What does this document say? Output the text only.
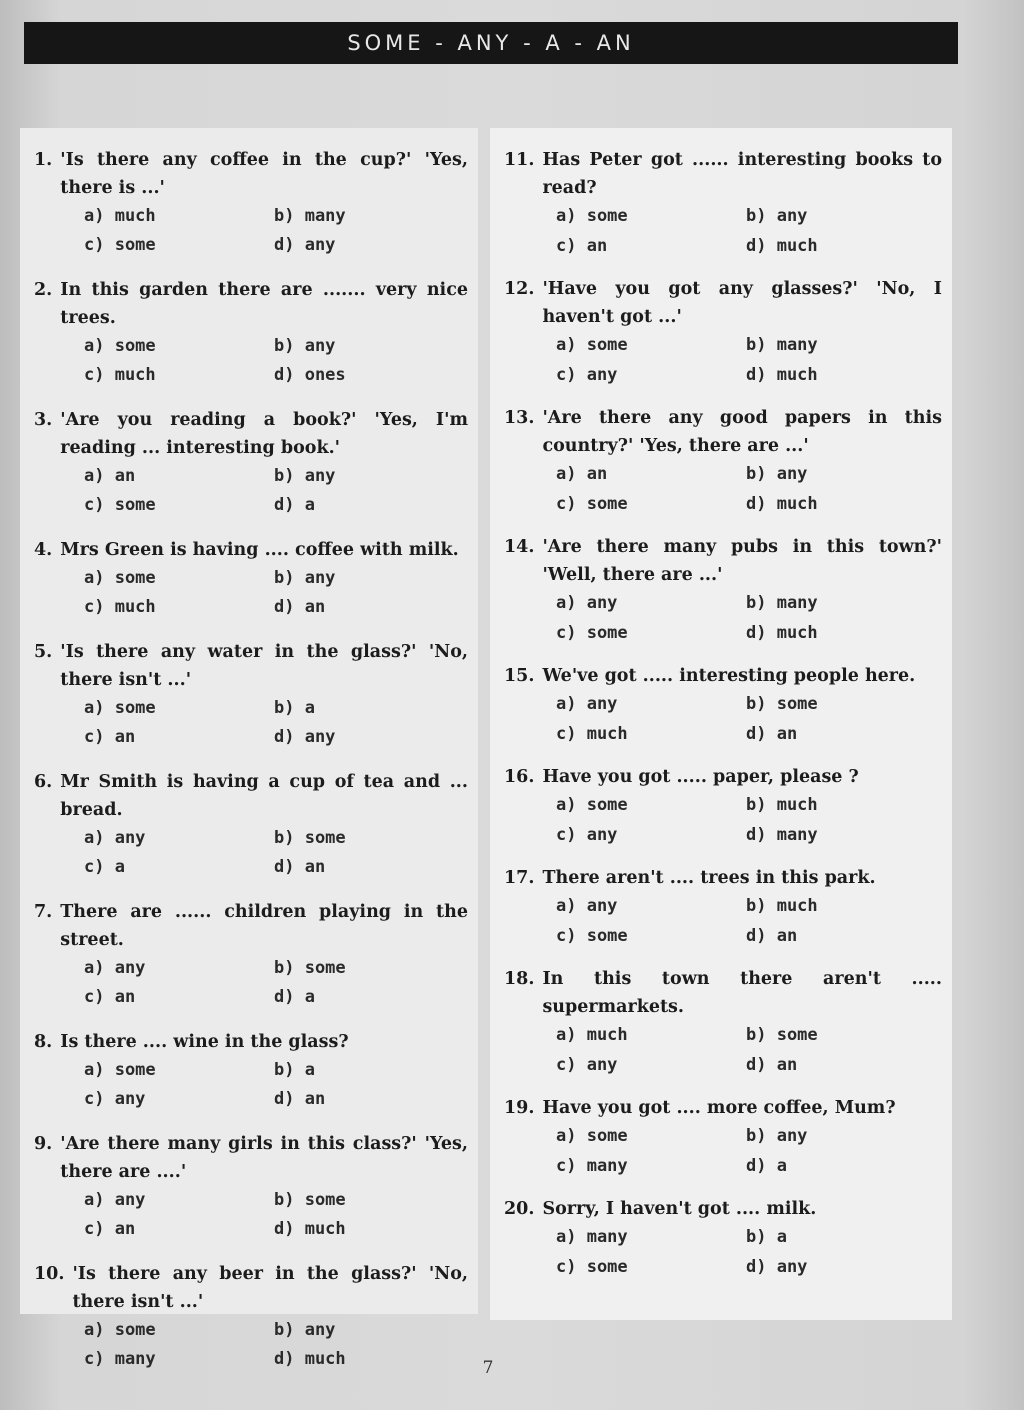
SOME - ANY - A - AN
1. 'Is there any coffee in the cup?' 'Yes, there is ...'
a) much	b) many
c) some	d) any
2. In this garden there are ....... very nice trees.
a) some	b) any
c) much	d) ones
3. 'Are you reading a book?' 'Yes, I'm reading ... interesting book.'
a) an	b) any
c) some	d) a
4. Mrs Green is having .... coffee with milk.
a) some	b) any
c) much	d) an
5. 'Is there any water in the glass?' 'No, there isn't ...'
a) some	b) a
c) an	d) any
6. Mr Smith is having a cup of tea and ... bread.
a) any	b) some
c) a	d) an
7. There are ...... children playing in the street.
a) any	b) some
c) an	d) a
8. Is there .... wine in the glass?
a) some	b) a
c) any	d) an
9. 'Are there many girls in this class?' 'Yes, there are ....'
a) any	b) some
c) an	d) much
10. 'Is there any beer in the glass?' 'No, there isn't ...'
a) some	b) any
c) many	d) much
11. Has Peter got ...... interesting books to read?
a) some	b) any
c) an	d) much
12. 'Have you got any glasses?' 'No, I haven't got ...'
a) some	b) many
c) any	d) much
13. 'Are there any good papers in this country?' 'Yes, there are ...'
a) an	b) any
c) some	d) much
14. 'Are there many pubs in this town?' 'Well, there are ...'
a) any	b) many
c) some	d) much
15. We've got ..... interesting people here.
a) any	b) some
c) much	d) an
16. Have you got ..... paper, please ?
a) some	b) much
c) any	d) many
17. There aren't .... trees in this park.
a) any	b) much
c) some	d) an
18. In this town there aren't ..... supermarkets.
a) much	b) some
c) any	d) an
19. Have you got .... more coffee, Mum?
a) some	b) any
c) many	d) a
20. Sorry, I haven't got .... milk.
a) many	b) a
c) some	d) any
7
